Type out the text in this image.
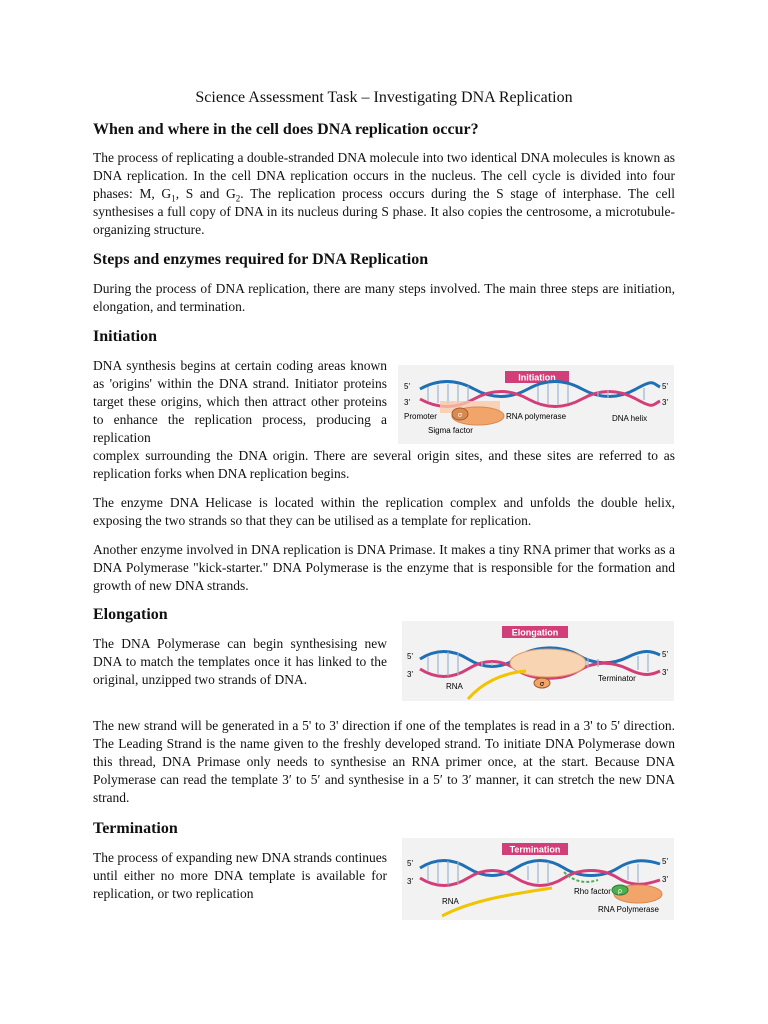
Science Assessment Task – Investigating DNA Replication
When and where in the cell does DNA replication occur?
The process of replicating a double-stranded DNA molecule into two identical DNA molecules is known as DNA replication. In the cell DNA replication occurs in the nucleus. The cell cycle is divided into four phases: M, $G_1$, S and $G_2$. The replication process occurs during the S stage of interphase. The cell synthesises a full copy of DNA in its nucleus during S phase. It also copies the centrosome, a microtubule-organizing structure.
Steps and enzymes required for DNA Replication
During the process of DNA replication, there are many steps involved. The main three steps are initiation, elongation, and termination.
Initiation
DNA synthesis begins at certain coding areas known as 'origins' within the DNA strand. Initiator proteins target these origins, which then attract other proteins to enhance the replication process, producing a replication
complex surrounding the DNA origin. There are several origin sites, and these sites are referred to as replication forks when DNA replication begins.
The enzyme DNA Helicase is located within the replication complex and unfolds the double helix, exposing the two strands so that they can be utilised as a template for replication.
Another enzyme involved in DNA replication is DNA Primase. It makes a tiny RNA primer that works as a DNA Polymerase "kick-starter." DNA Polymerase is the enzyme that is responsible for the formation and growth of new DNA strands.
Initiation
5'
3'
5'
3'
σ
Promoter	RNA polymerase	DNA helix
Sigma factor
Elongation
The DNA Polymerase can begin synthesising new DNA to match the templates once it has linked to the original, unzipped two strands of DNA.
The new strand will be generated in a 5' to 3' direction if one of the templates is read in a 3' to 5' direction. The Leading Strand is the name given to the freshly developed strand. To initiate DNA Polymerase down this thread, DNA Primase only needs to synthesise an RNA primer once, at the start. Because DNA Polymerase can read the template 3′ to 5′ and synthesise in a 5′ to 3′ manner, it can stretch the new DNA strand.
Elongation
σ
5'
3'
5'
3'
RNA
Terminator
Termination
The process of expanding new DNA strands continues until either no more DNA template is available for replication, or two replication
Termination
ρ
5'
3'
5'
3'
RNA
Rho factor
RNA Polymerase
